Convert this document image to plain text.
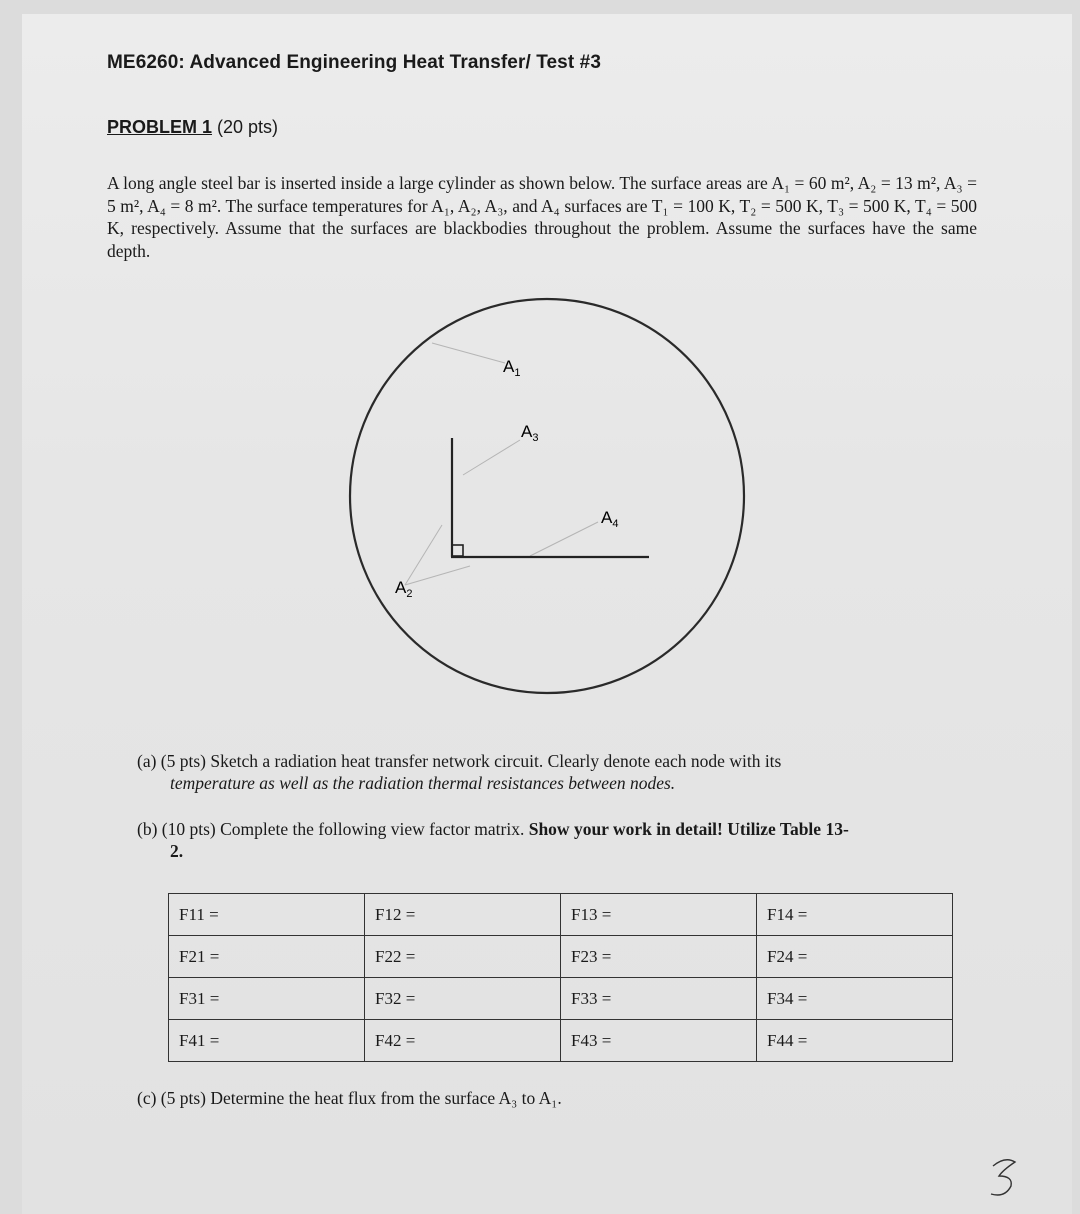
ME6260: Advanced Engineering Heat Transfer/ Test #3
PROBLEM 1 (20 pts)

A long angle steel bar is inserted inside a large cylinder as shown below. The surface areas are A₁ = 60 m², A₂ = 13 m², A₃ = 5 m², A₄ = 8 m². The surface temperatures for A₁, A₂, A₃, and A₄ surfaces are T₁ = 100 K, T₂ = 500 K, T₃ = 500 K, T₄ = 500 K, respectively. Assume that the surfaces are blackbodies throughout the problem. Assume the surfaces have the same depth.

$A_1$
$A_3$
$A_4$
$A_2$
(a) (5 pts) Sketch a radiation heat transfer network circuit. Clearly denote each node with its
temperature as well as the radiation thermal resistances between nodes.
(b) (10 pts) Complete the following view factor matrix. Show your work in detail! Utilize Table 13-
2.
F11 =	F12 =	F13 =	F14 =
F21 =	F22 =	F23 =	F24 =
F31 =	F32 =	F33 =	F34 =
F41 =	F42 =	F43 =	F44 =
(c) (5 pts) Determine the heat flux from the surface A₃ to A₁.
